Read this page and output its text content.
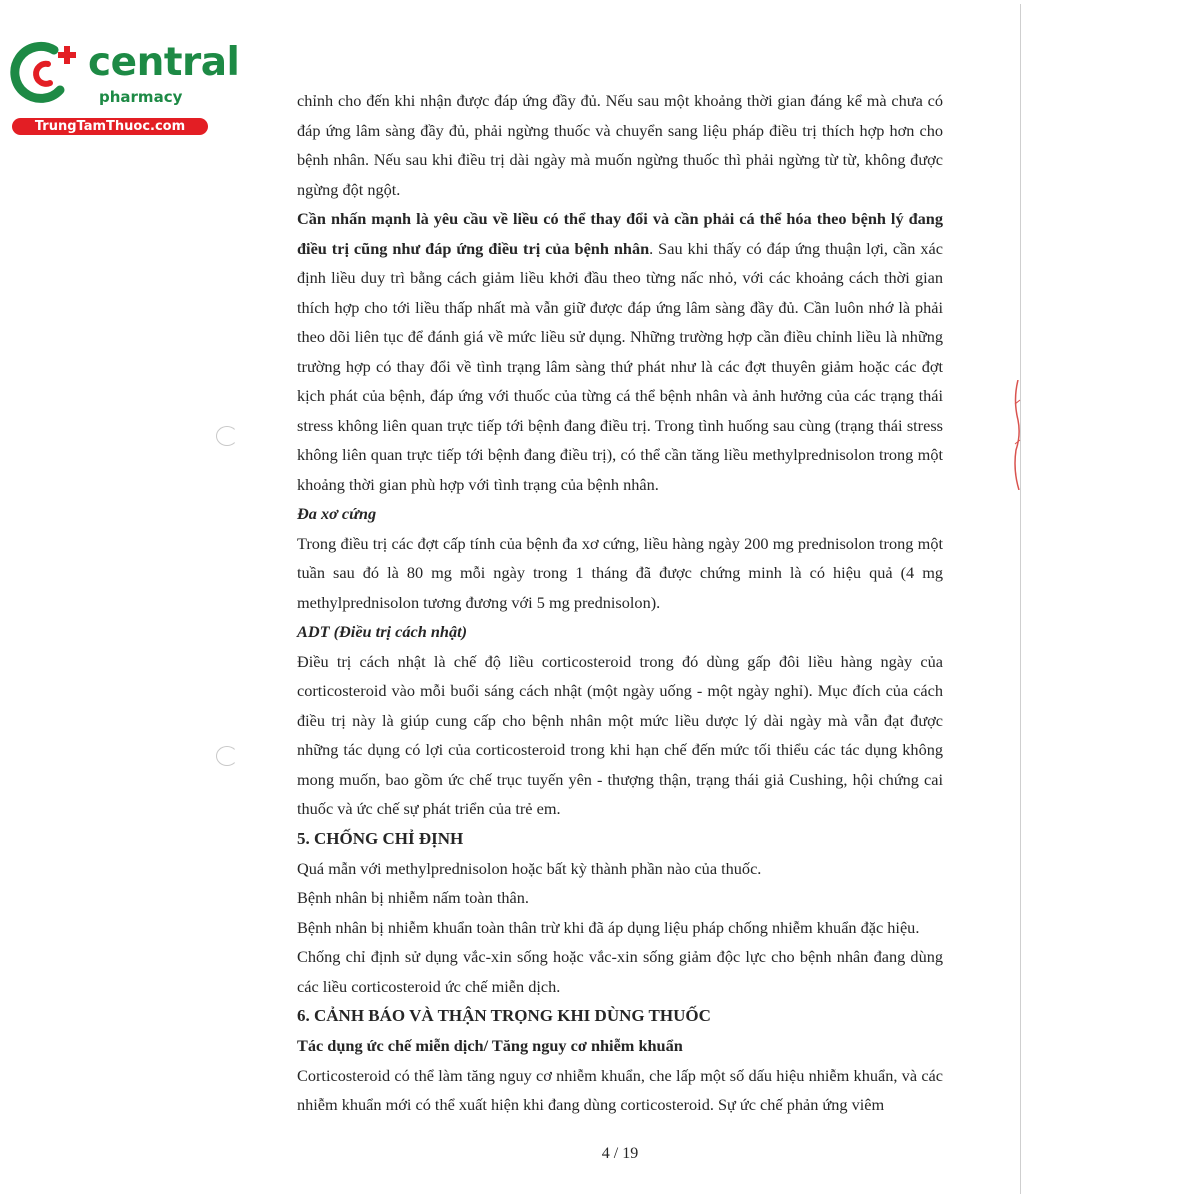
central
pharmacy
TrungTamThuoc.com

chỉnh cho đến khi nhận được đáp ứng đầy đủ. Nếu sau một khoảng thời gian đáng kể mà chưa có đáp ứng lâm sàng đầy đủ, phải ngừng thuốc và chuyển sang liệu pháp điều trị thích hợp hơn cho bệnh nhân. Nếu sau khi điều trị dài ngày mà muốn ngừng thuốc thì phải ngừng từ từ, không được ngừng đột ngột.

Cần nhấn mạnh là yêu cầu về liều có thể thay đổi và cần phải cá thể hóa theo bệnh lý đang điều trị cũng như đáp ứng điều trị của bệnh nhân. Sau khi thấy có đáp ứng thuận lợi, cần xác định liều duy trì bằng cách giảm liều khởi đầu theo từng nấc nhỏ, với các khoảng cách thời gian thích hợp cho tới liều thấp nhất mà vẫn giữ được đáp ứng lâm sàng đầy đủ. Cần luôn nhớ là phải theo dõi liên tục để đánh giá về mức liều sử dụng. Những trường hợp cần điều chỉnh liều là những trường hợp có thay đổi về tình trạng lâm sàng thứ phát như là các đợt thuyên giảm hoặc các đợt kịch phát của bệnh, đáp ứng với thuốc của từng cá thể bệnh nhân và ảnh hưởng của các trạng thái stress không liên quan trực tiếp tới bệnh đang điều trị. Trong tình huống sau cùng (trạng thái stress không liên quan trực tiếp tới bệnh đang điều trị), có thể cần tăng liều methylprednisolon trong một khoảng thời gian phù hợp với tình trạng của bệnh nhân.

Đa xơ cứng

Trong điều trị các đợt cấp tính của bệnh đa xơ cứng, liều hàng ngày 200 mg prednisolon trong một tuần sau đó là 80 mg mỗi ngày trong 1 tháng đã được chứng minh là có hiệu quả (4 mg methylprednisolon tương đương với 5 mg prednisolon).

ADT (Điều trị cách nhật)

Điều trị cách nhật là chế độ liều corticosteroid trong đó dùng gấp đôi liều hàng ngày của corticosteroid vào mỗi buổi sáng cách nhật (một ngày uống - một ngày nghỉ). Mục đích của cách điều trị này là giúp cung cấp cho bệnh nhân một mức liều dược lý dài ngày mà vẫn đạt được những tác dụng có lợi của corticosteroid trong khi hạn chế đến mức tối thiểu các tác dụng không mong muốn, bao gồm ức chế trục tuyến yên - thượng thận, trạng thái giả Cushing, hội chứng cai thuốc và ức chế sự phát triển của trẻ em.

5. CHỐNG CHỈ ĐỊNH

Quá mẫn với methylprednisolon hoặc bất kỳ thành phần nào của thuốc.

Bệnh nhân bị nhiễm nấm toàn thân.

Bệnh nhân bị nhiễm khuẩn toàn thân trừ khi đã áp dụng liệu pháp chống nhiễm khuẩn đặc hiệu.

Chống chỉ định sử dụng vắc-xin sống hoặc vắc-xin sống giảm độc lực cho bệnh nhân đang dùng các liều corticosteroid ức chế miễn dịch.

6. CẢNH BÁO VÀ THẬN TRỌNG KHI DÙNG THUỐC

Tác dụng ức chế miễn dịch/ Tăng nguy cơ nhiễm khuẩn

Corticosteroid có thể làm tăng nguy cơ nhiễm khuẩn, che lấp một số dấu hiệu nhiễm khuẩn, và các nhiễm khuẩn mới có thể xuất hiện khi đang dùng corticosteroid. Sự ức chế phản ứng viêm

4 / 19
